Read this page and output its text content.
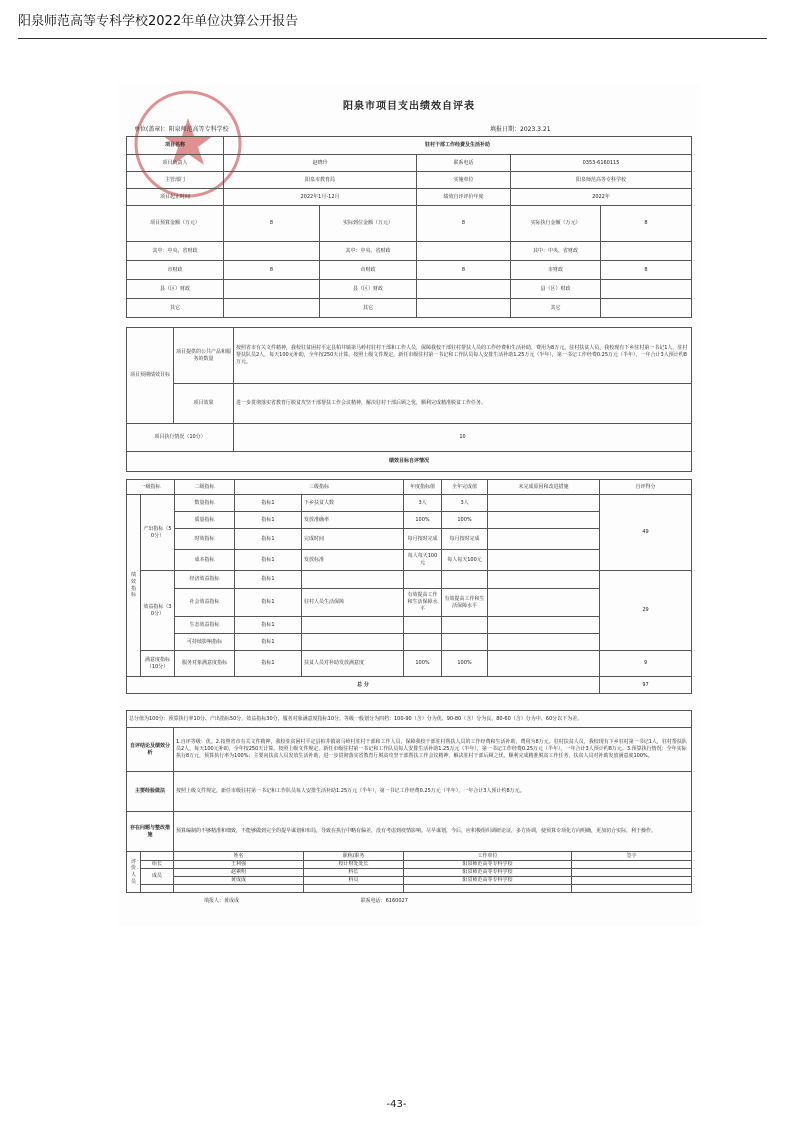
阳泉师范高等专科学校2022年单位决算公开报告
阳泉市项目支出绩效自评表
单位(盖章)：阳泉师范高等专科学校	填报日期：2023.3.21
项目名称	驻村干部工作经费及生活补助				
项目负责人	赵晓玲		联系电话	0353-6160115	
主管部门	阳泉市教育局		实施单位	阳泉师范高等专科学校	
项目起止时间	2022年1月-12月		绩效自评评价年度	2022年	
项目预算金额（万元）	8	实际到位金额（万元）	8	实际执行金额（万元）	8
其中：中央、省财政		其中：中央、省财政		其中：中央、省财政	
市财政	8	市财政	8	市财政	8
县（区）财政		县（区）财政		县（区）财政	
其它		其它		其它	
项目预期绩效目标	项目提供的公共产品和服务的数量	按照省市有关文件精神，我校驻贫困村平定县柏井镇第马岭村驻村干部和工作人员，保障我校干部驻村帮扶人员的工作经费和生活补助，费用为8万元。驻村扶贫人员，我校现有下乡驻村第一书记1人，驻村帮扶队员2人，每天100元补助，全年按250天计算。按照上级文件规定，新任市级驻村第一书记和工作队员每人安排生活补助1.25万元（半年），第一书记工作经费0.25万元（半年），一年合计3人预计约8万元。
	项目效果	进一步贯彻落实省教育厅脱贫攻坚干部帮扶工作会议精神，解决驻村干部后顾之忧，顺利完成精准脱贫工作任务。
项目执行情况（10分）		10
绩效目标自评情况		
一级指标		二级指标	三级指标		年度指标值	全年完成值	未完成原因和改进措施	自评得分
绩效指标	产出指标（50分）	数量指标	指标1	下乡扶贫人数	3人	3人		49
		质量指标	指标1	发放准确率	100%	100%		
		时效指标	指标1	完成时间	每月按时完成	每月按时完成		
		成本指标	指标1	发放标准	每人每天100元	每人每天100元		
	效益指标（30分）	经济效益指标	指标1					29
		社会效益指标	指标1	驻村人员生活保障	有效提高工作和生活保障水平	有效提高工作和生活保障水平		
		生态效益指标	指标1					
		可持续影响指标	指标1					
	满意度指标（10分）	服务对象满意度指标	指标1	扶贫人员对补助发放满意度	100%	100%		9
总 分								97
总分值为100分：预算执行率10分、产出指标50分，效益指标30分，服务对象满意度指标10分。等级一般划分为四档：100-90（含）分为优、90-80（含）分为良、80-60（含）分为中、60分以下为差。	
自评结论及绩效分析	1.自评等级：优。2.按照省市有关文件精神，我校驻贫困村平定县柏井镇第马岭村驻村干部和工作人员，保障我校干部驻村帮扶人员的工作经费和生活补助，费用为8万元。驻村扶贫人员，我校现有下乡驻村第一书记1人，驻村帮扶队员2人，每天100元补助，全年按250天计算。按照上级文件规定，新任市级驻村第一书记和工作队员每人安排生活补助1.25万元（半年），第一书记工作经费0.25万元（半年），一年合计3人预计约8万元。3.预算执行情况：全年实际执行8万元，预算执行率为100%；主要向扶贫人员发放生活补助，进一步贯彻落实省教育厅脱贫攻坚干部帮扶工作会议精神，解决驻村干部后顾之忧，顺利完成精准脱贫工作任务，扶贫人员对补助发放满意度100%。
主要经验做法	按照上级文件规定，新任市级驻村第一书记和工作队员每人安排生活补助1.25万元（半年），第一书记工作经费0.25万元（半年），一年合计3人预计约8万元。
存在问题与整改措施	预算编制的不够精准和细致，不能够做到完全的提早谋划和布局，导致在执行中略有偏差，没有考虑到疫情影响。尽早谋划，今后，应积极组织调研论证，多方协调，使预算专项化方向明确，更加切合实际，利于操作。
评价人员		姓名	职称/职务	工作单位	签字
	组长	王利强	校计财处处长	阳泉师范高等专科学校	
	成员	赵素明	科长	阳泉师范高等专科学校	
		黄成成	科员	阳泉师范高等专科学校	

填报人：黄成成	联系电话：6160027
-43-
